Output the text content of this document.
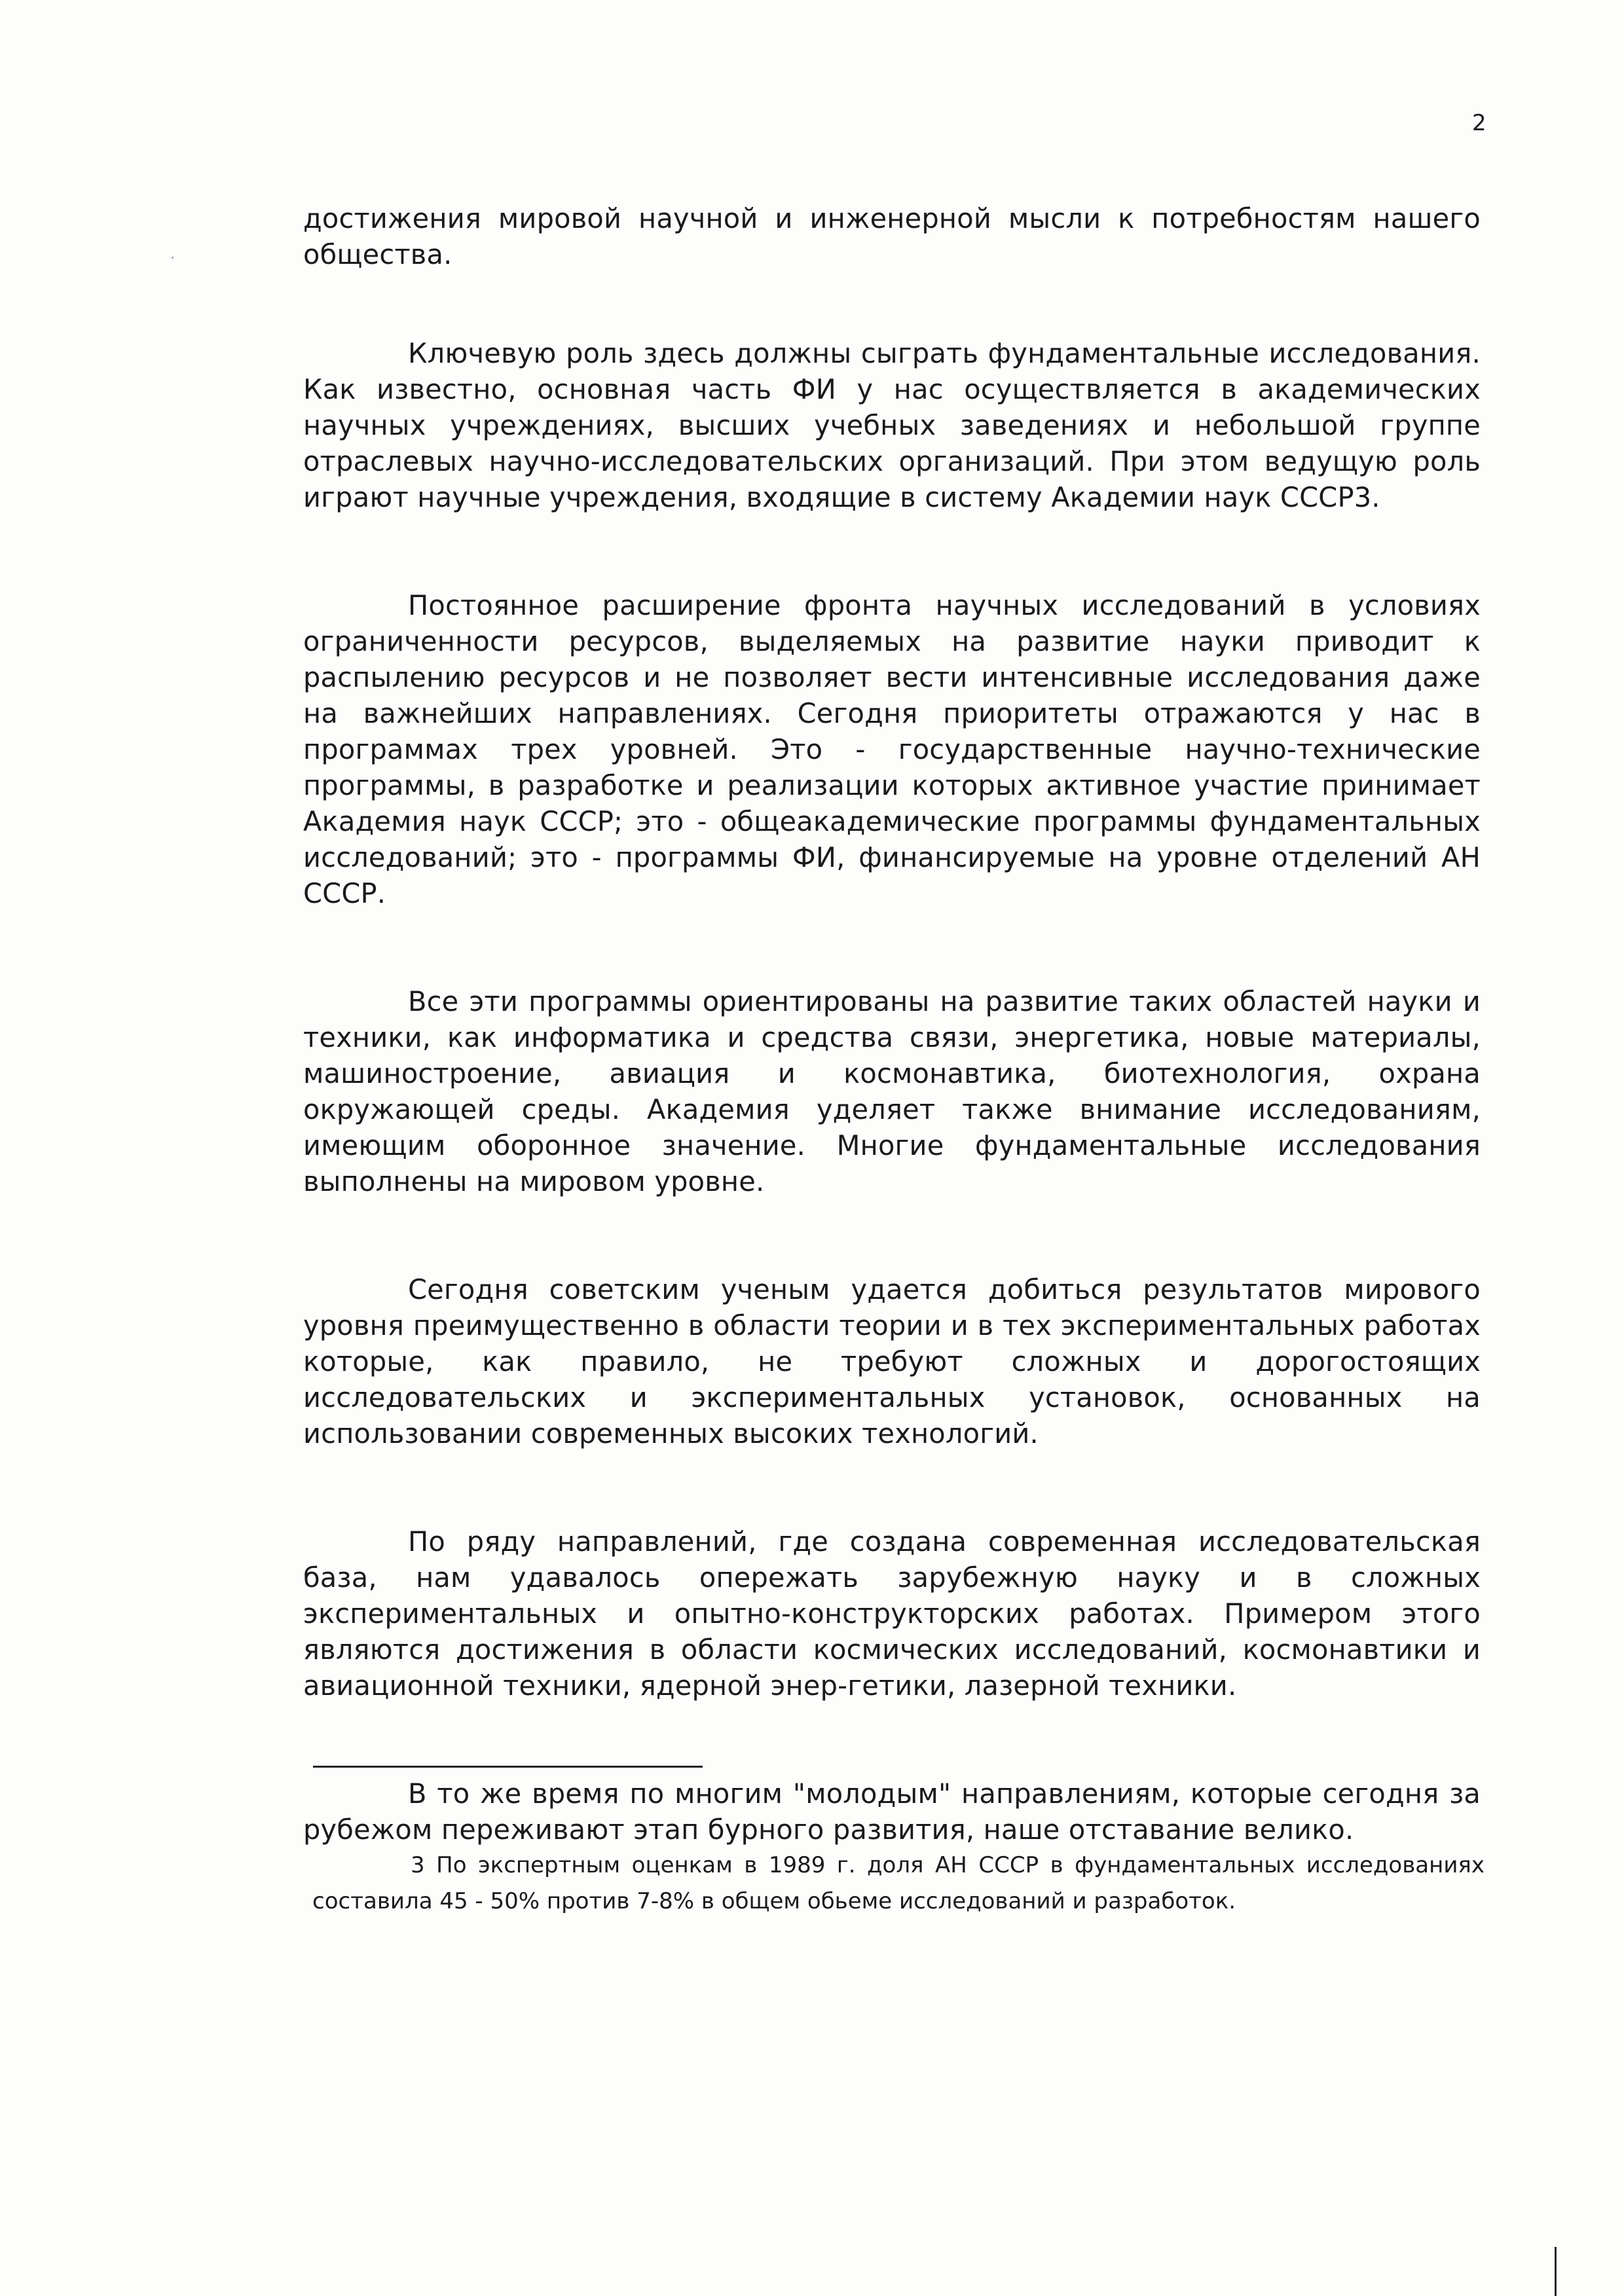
2

достижения мировой научной и инженерной мысли к потребностям нашего общества.

Ключевую роль здесь должны сыграть фундаментальные исследования. Как известно, основная часть ФИ у нас осуществляется в академических научных учреждениях, высших учебных заведениях и небольшой группе отраслевых научно-исследовательских организаций. При этом ведущую роль играют научные учреждения, входящие в систему Академии наук СССР3.

Постоянное расширение фронта научных исследований в условиях ограниченности ресурсов, выделяемых на развитие науки приводит к распылению ресурсов и не позволяет вести интенсивные исследования даже на важнейших направлениях. Сегодня приоритеты отражаются у нас в программах трех уровней. Это - государственные научно-технические программы, в разработке и реализации которых активное участие принимает Академия наук СССР; это - общеакадемические программы фундаментальных исследований; это - программы ФИ, финансируемые на уровне отделений АН СССР.

Все эти программы ориентированы на развитие таких областей науки и техники, как информатика и средства связи, энергетика, новые материалы, машиностроение, авиация и космонавтика, биотехнология, охрана окружающей среды. Академия уделяет также внимание исследованиям, имеющим оборонное значение. Многие фундаментальные исследования выполнены на мировом уровне.

Сегодня советским ученым удается добиться результатов мирового уровня преимущественно в области теории и в тех экспериментальных работах которые, как правило, не требуют сложных и дорогостоящих исследовательских и экспериментальных установок, основанных на использовании современных высоких технологий.

По ряду направлений, где создана современная исследовательская база, нам удавалось опережать зарубежную науку и в сложных экспериментальных и опытно-конструкторских работах. Примером этого являются достижения в области космических исследований, космонавтики и авиационной техники, ядерной энер-гетики, лазерной техники.

В то же время по многим "молодым" направлениям, которые сегодня за рубежом переживают этап бурного развития, наше отставание велико.

3 По экспертным оценкам в 1989 г. доля АН СССР в фундаментальных исследованиях составила 45 - 50% против 7-8% в общем обьеме исследований и разработок.
